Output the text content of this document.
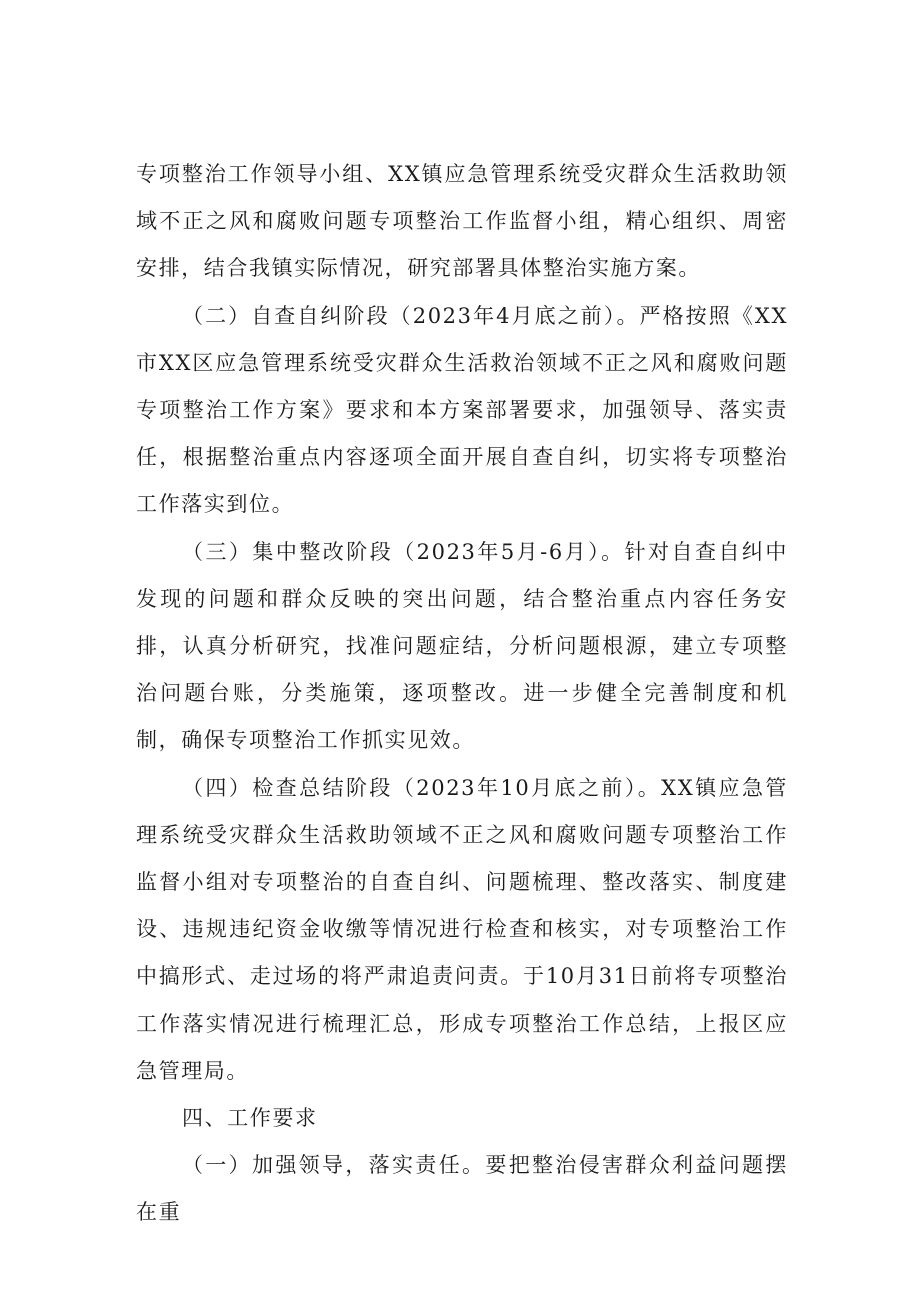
专项整治工作领导小组、XX镇应急管理系统受灾群众生活救助领域不正之风和腐败问题专项整治工作监督小组，精心组织、周密安排，结合我镇实际情况，研究部署具体整治实施方案。

（二）自查自纠阶段（2023年4月底之前）。严格按照《XX市XX区应急管理系统受灾群众生活救治领域不正之风和腐败问题专项整治工作方案》要求和本方案部署要求，加强领导、落实责任，根据整治重点内容逐项全面开展自查自纠，切实将专项整治工作落实到位。

（三）集中整改阶段（2023年5月-6月）。针对自查自纠中发现的问题和群众反映的突出问题，结合整治重点内容任务安排，认真分析研究，找准问题症结，分析问题根源，建立专项整治问题台账，分类施策，逐项整改。进一步健全完善制度和机制，确保专项整治工作抓实见效。

（四）检查总结阶段（2023年10月底之前）。XX镇应急管理系统受灾群众生活救助领域不正之风和腐败问题专项整治工作监督小组对专项整治的自查自纠、问题梳理、整改落实、制度建设、违规违纪资金收缴等情况进行检查和核实，对专项整治工作中搞形式、走过场的将严肃追责问责。于10月31日前将专项整治工作落实情况进行梳理汇总，形成专项整治工作总结，上报区应急管理局。

四、工作要求

（一）加强领导，落实责任。要把整治侵害群众利益问题摆在重
